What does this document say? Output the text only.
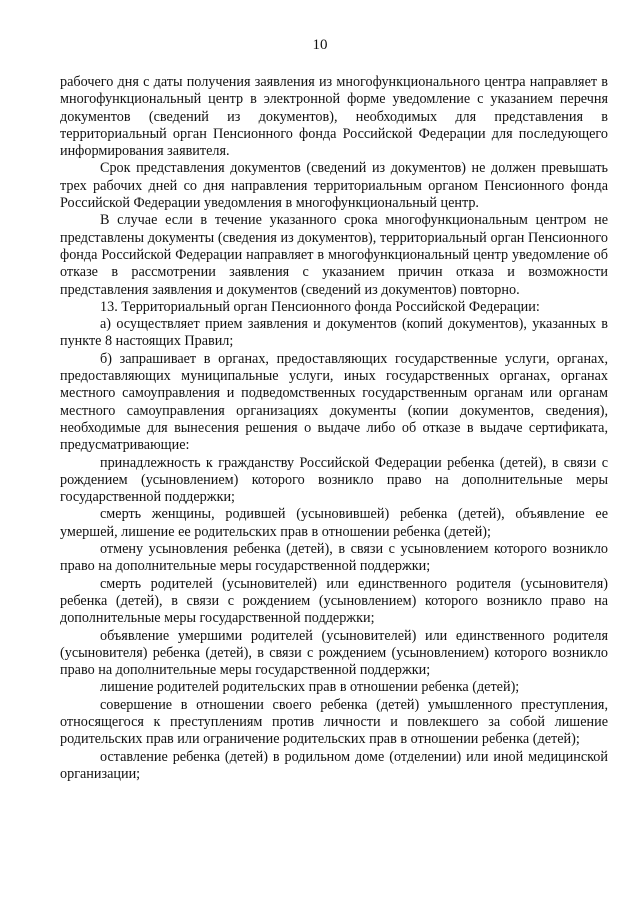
10

рабочего дня с даты получения заявления из многофункционального центра направляет в многофункциональный центр в электронной форме уведомление с указанием перечня документов (сведений из документов), необходимых для представления в территориальный орган Пенсионного фонда Российской Федерации для последующего информирования заявителя.

Срок представления документов (сведений из документов) не должен превышать трех рабочих дней со дня направления территориальным органом Пенсионного фонда Российской Федерации уведомления в многофункциональный центр.

В случае если в течение указанного срока многофункциональным центром не представлены документы (сведения из документов), территориальный орган Пенсионного фонда Российской Федерации направляет в многофункциональный центр уведомление об отказе в рассмотрении заявления с указанием причин отказа и возможности представления заявления и документов (сведений из документов) повторно.

13. Территориальный орган Пенсионного фонда Российской Федерации:

а) осуществляет прием заявления и документов (копий документов), указанных в пункте 8 настоящих Правил;

б) запрашивает в органах, предоставляющих государственные услуги, органах, предоставляющих муниципальные услуги, иных государственных органах, органах местного самоуправления и подведомственных государственным органам или органам местного самоуправления организациях документы (копии документов, сведения), необходимые для вынесения решения о выдаче либо об отказе в выдаче сертификата, предусматривающие:

принадлежность к гражданству Российской Федерации ребенка (детей), в связи с рождением (усыновлением) которого возникло право на дополнительные меры государственной поддержки;

смерть женщины, родившей (усыновившей) ребенка (детей), объявление ее умершей, лишение ее родительских прав в отношении ребенка (детей);

отмену усыновления ребенка (детей), в связи с усыновлением которого возникло право на дополнительные меры государственной поддержки;

смерть родителей (усыновителей) или единственного родителя (усыновителя) ребенка (детей), в связи с рождением (усыновлением) которого возникло право на дополнительные меры государственной поддержки;

объявление умершими родителей (усыновителей) или единственного родителя (усыновителя) ребенка (детей), в связи с рождением (усыновлением) которого возникло право на дополнительные меры государственной поддержки;

лишение родителей родительских прав в отношении ребенка (детей);

совершение в отношении своего ребенка (детей) умышленного преступления, относящегося к преступлениям против личности и повлекшего за собой лишение родительских прав или ограничение родительских прав в отношении ребенка (детей);

оставление ребенка (детей) в родильном доме (отделении) или иной медицинской организации;
